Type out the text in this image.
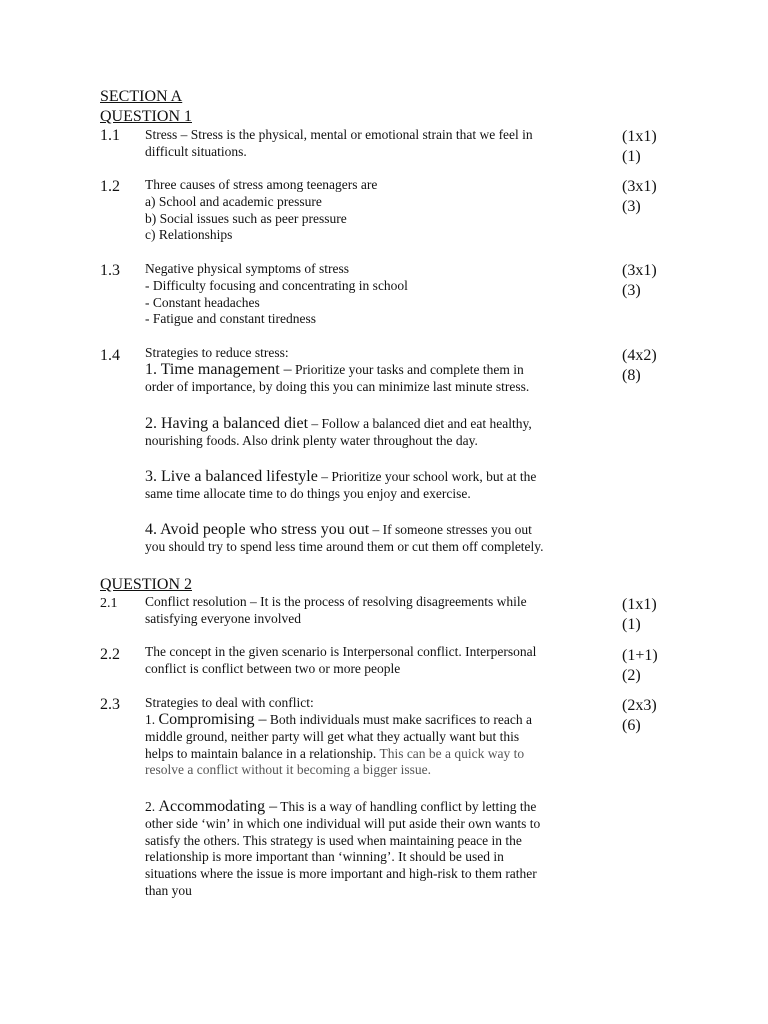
SECTION A
QUESTION 1
1.1 Stress – Stress is the physical, mental or emotional strain that we feel in
difficult situations.
(1x1)
(1)
1.2 Three causes of stress among teenagers are
a) School and academic pressure
b) Social issues such as peer pressure
c) Relationships
(3x1)
(3)
1.3 Negative physical symptoms of stress
- Difficulty focusing and concentrating in school
- Constant headaches
- Fatigue and constant tiredness
(3x1)
(3)
1.4 Strategies to reduce stress:	(4x2)
(8)
1. Time management – Prioritize your tasks and complete them in
order of importance, by doing this you can minimize last minute stress.
2. Having a balanced diet – Follow a balanced diet and eat healthy,
nourishing foods. Also drink plenty water throughout the day.
3. Live a balanced lifestyle – Prioritize your school work, but at the
same time allocate time to do things you enjoy and exercise.
4. Avoid people who stress you out – If someone stresses you out
you should try to spend less time around them or cut them off completely.
QUESTION 2
2.1 Conflict resolution – It is the process of resolving disagreements while
satisfying everyone involved
(1x1)
(1)
2.2 The concept in the given scenario is Interpersonal conflict. Interpersonal
conflict is conflict between two or more people
(1+1)
(2)
2.3 Strategies to deal with conflict:	(2x3)
(6)
1. Compromising – Both individuals must make sacrifices to reach a
middle ground, neither party will get what they actually want but this
helps to maintain balance in a relationship. This can be a quick way to
resolve a conflict without it becoming a bigger issue.
2. Accommodating – This is a way of handling conflict by letting the
other side ‘win’ in which one individual will put aside their own wants to
satisfy the others. This strategy is used when maintaining peace in the
relationship is more important than ‘winning’. It should be used in
situations where the issue is more important and high-risk to them rather
than you
